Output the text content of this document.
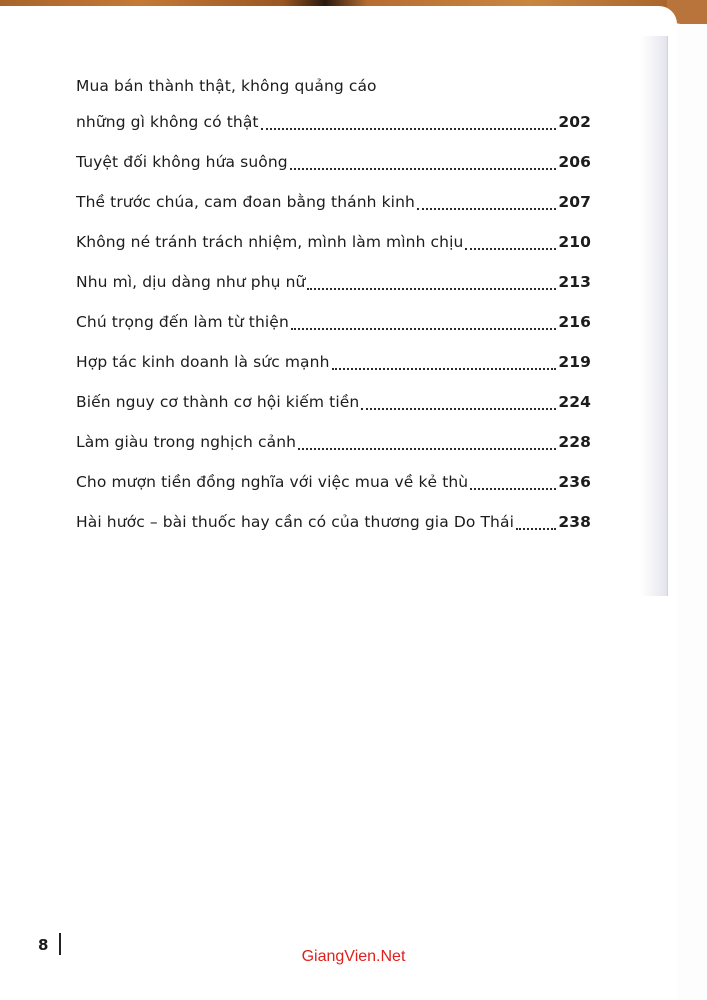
Mua bán thành thật, không quảng cáo
những gì không có thật	202
Tuyệt đối không hứa suông	206
Thề trước chúa, cam đoan bằng thánh kinh	207
Không né tránh trách nhiệm, mình làm mình chịu	210
Nhu mì, dịu dàng như phụ nữ	213
Chú trọng đến làm từ thiện	216
Hợp tác kinh doanh là sức mạnh	219
Biến nguy cơ thành cơ hội kiếm tiền	224
Làm giàu trong nghịch cảnh	228
Cho mượn tiền đồng nghĩa với việc mua về kẻ thù	236
Hài hước – bài thuốc hay cần có của thương gia Do Thái	238
8
GiangVien.Net
